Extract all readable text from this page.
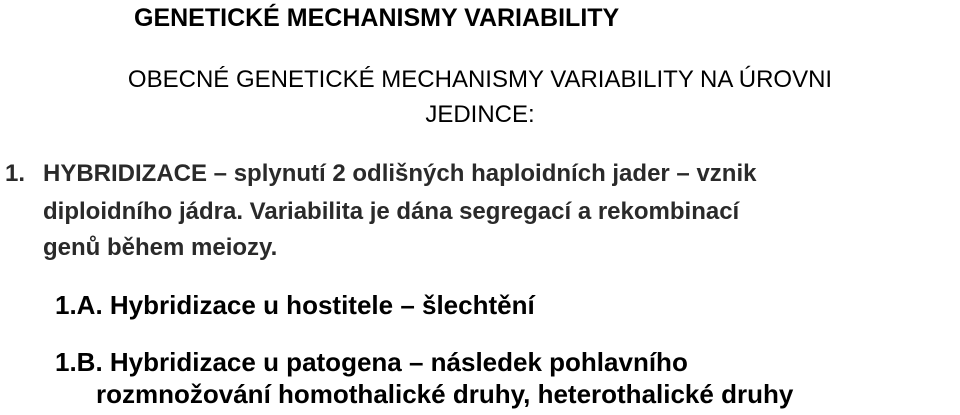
GENETICKÉ MECHANISMY VARIABILITY
OBECNÉ GENETICKÉ MECHANISMY VARIABILITY NA ÚROVNI
JEDINCE:
1. HYBRIDIZACE – splynutí 2 odlišných haploidních jader – vznik
diploidního jádra. Variabilita je dána segregací a rekombinací
genů během meiozy.
1.A. Hybridizace u hostitele – šlechtění
1.B. Hybridizace u patogena – následek pohlavního
rozmnožování homothalické druhy, heterothalické druhy
